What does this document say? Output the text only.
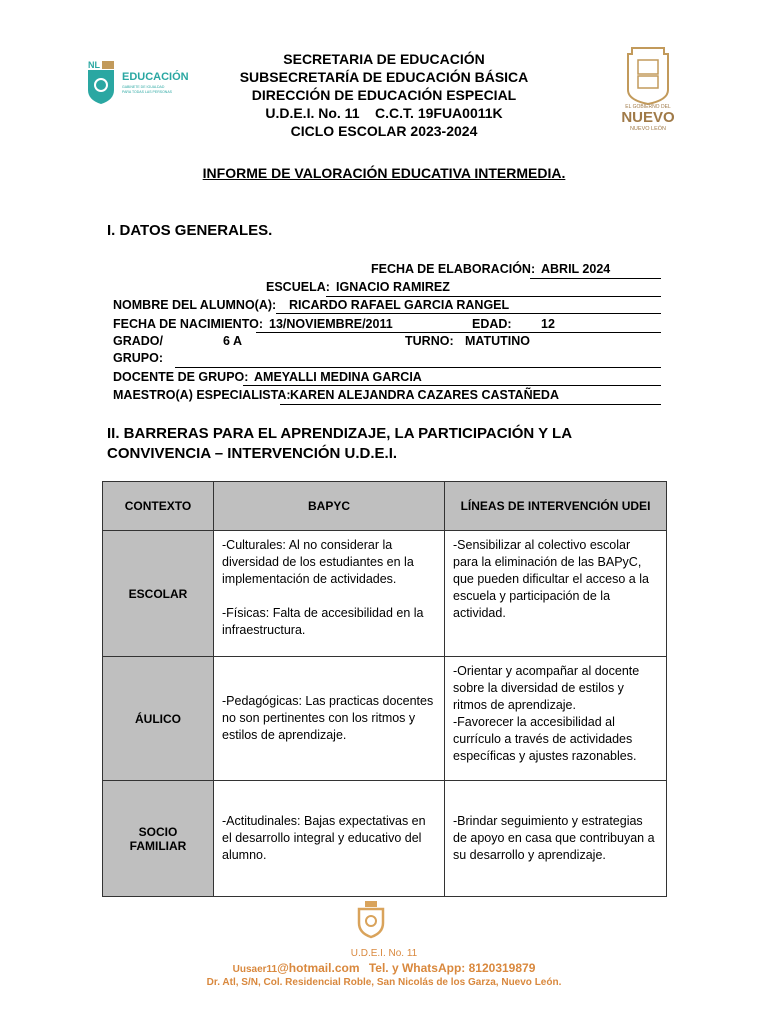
NL
EDUCACIÓN
GABINETE DE IGUALDAD
PARA TODAS LAS PERSONAS
EL GOBIERNO DEL
NUEVO
NUEVO LEÓN
SECRETARIA DE EDUCACIÓN
SUBSECRETARÍA DE EDUCACIÓN BÁSICA
DIRECCIÓN DE EDUCACIÓN ESPECIAL
U.D.E.I. No. 11    C.C.T. 19FUA0011K
CICLO ESCOLAR 2023-2024
INFORME DE VALORACIÓN EDUCATIVA INTERMEDIA.
I. DATOS GENERALES.
FECHA DE ELABORACIÓN: ABRIL 2024
ESCUELA: IGNACIO RAMIREZ
NOMBRE DEL ALUMNO(A): RICARDO RAFAEL GARCIA RANGEL
FECHA DE NACIMIENTO: 13/NOVIEMBRE/2011	EDAD: 12
GRADO/
GRUPO:
6 A	TURNO: MATUTINO
DOCENTE DE GRUPO: AMEYALLI MEDINA GARCIA
MAESTRO(A) ESPECIALISTA: KAREN ALEJANDRA CAZARES CASTAÑEDA
II. BARRERAS PARA EL APRENDIZAJE, LA PARTICIPACIÓN Y LA CONVIVENCIA – INTERVENCIÓN U.D.E.I.
CONTEXTO	BAPYC	LÍNEAS DE INTERVENCIÓN UDEI
ESCOLAR	-Culturales: Al no considerar la diversidad de los estudiantes en la implementación de actividades.

-Físicas: Falta de accesibilidad en la infraestructura.	-Sensibilizar al colectivo escolar para la eliminación de las BAPyC, que pueden dificultar el acceso a la escuela y participación de la actividad.

ÁULICO	-Pedagógicas: Las practicas docentes no son pertinentes con los ritmos y estilos de aprendizaje.	-Orientar y acompañar al docente sobre la diversidad de estilos y ritmos de aprendizaje.

-Favorecer la accesibilidad al currículo a través de actividades específicas y ajustes razonables.

SOCIO
FAMILIAR	-Actitudinales: Bajas expectativas en el desarrollo integral y educativo del alumno.	-Brindar seguimiento y estrategias de apoyo en casa que contribuyan a su desarrollo y aprendizaje.

U.D.E.I. No. 11
Uusaer11@hotmail.com Tel. y WhatsApp: 8120319879
Dr. Atl, S/N, Col. Residencial Roble, San Nicolás de los Garza, Nuevo León.
